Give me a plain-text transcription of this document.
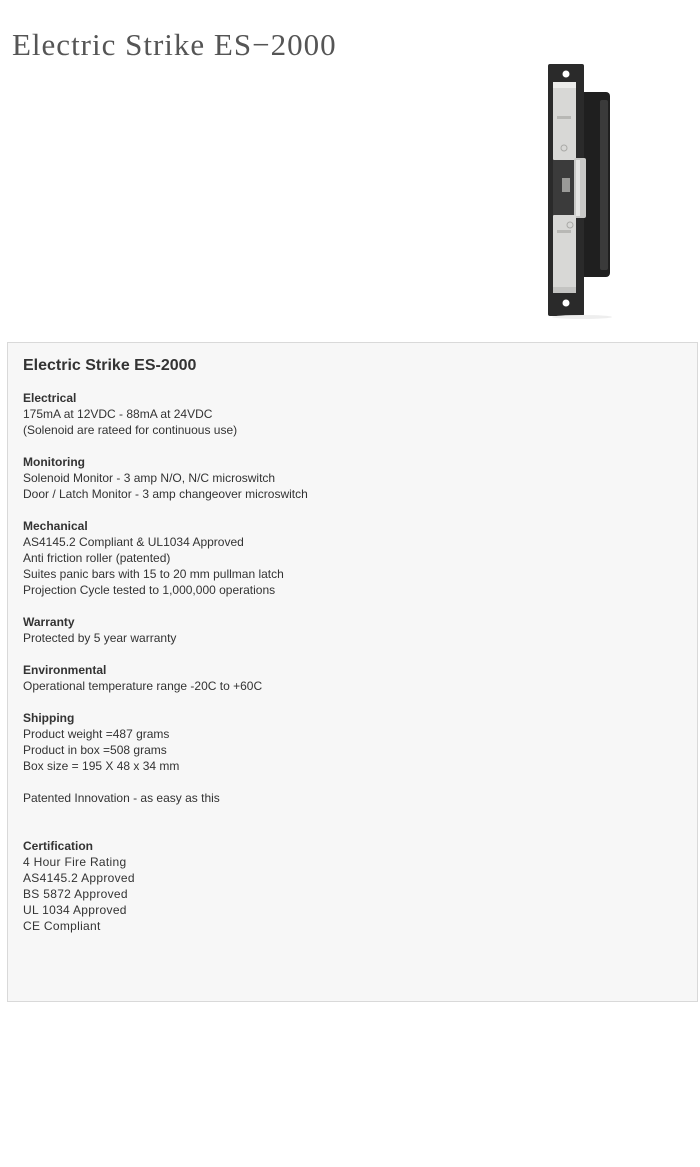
Electric Strike ES−2000
Electric Strike ES-2000
Electrical

175mA at 12VDC - 88mA at 24VDC

(Solenoid are rateed for continuous use)

Monitoring

Solenoid Monitor - 3 amp N/O, N/C microswitch

Door / Latch Monitor - 3 amp changeover microswitch

Mechanical

AS4145.2 Compliant & UL1034 Approved

Anti friction roller (patented)

Suites panic bars with 15 to 20 mm pullman latch

Projection Cycle tested to 1,000,000 operations

Warranty

Protected by 5 year warranty

Environmental

Operational temperature range -20C to +60C

Shipping

Product weight =487 grams

Product in box =508 grams

Box size = 195 X 48 x 34 mm

Patented Innovation - as easy as this

Certification

4 Hour Fire Rating

AS4145.2 Approved

BS 5872 Approved

UL 1034 Approved

CE Compliant
